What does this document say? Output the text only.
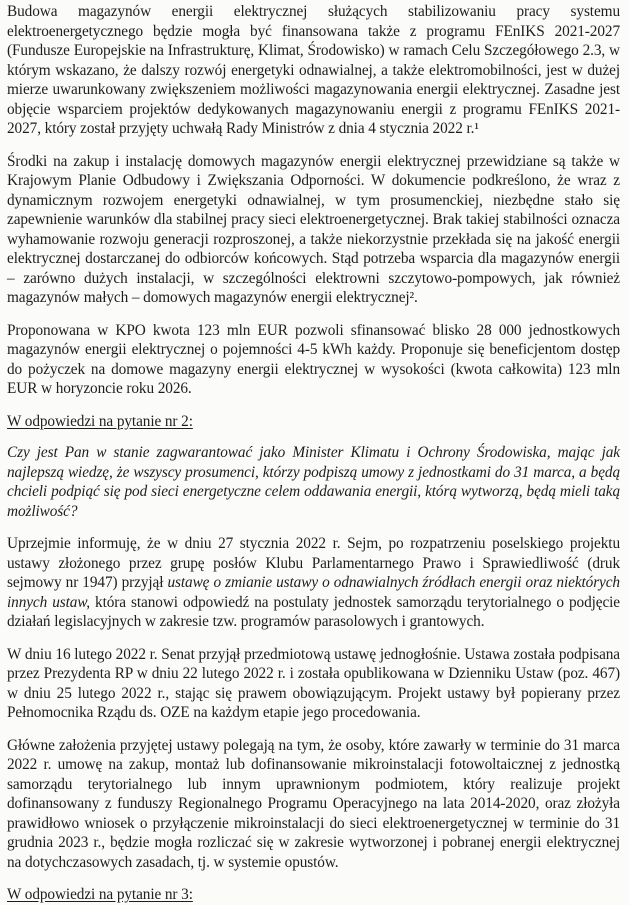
Budowa magazynów energii elektrycznej służących stabilizowaniu pracy systemu elektroenergetycznego będzie mogła być finansowana także z programu FEnIKS 2021-2027 (Fundusze Europejskie na Infrastrukturę, Klimat, Środowisko) w ramach Celu Szczegółowego 2.3, w którym wskazano, że dalszy rozwój energetyki odnawialnej, a także elektromobilności, jest w dużej mierze uwarunkowany zwiększeniem możliwości magazynowania energii elektrycznej. Zasadne jest objęcie wsparciem projektów dedykowanych magazynowaniu energii z programu FEnIKS 2021-2027, który został przyjęty uchwałą Rady Ministrów z dnia 4 stycznia 2022 r.¹

Środki na zakup i instalację domowych magazynów energii elektrycznej przewidziane są także w Krajowym Planie Odbudowy i Zwiększania Odporności. W dokumencie podkreślono, że wraz z dynamicznym rozwojem energetyki odnawialnej, w tym prosumenckiej, niezbędne stało się zapewnienie warunków dla stabilnej pracy sieci elektroenergetycznej. Brak takiej stabilności oznacza wyhamowanie rozwoju generacji rozproszonej, a także niekorzystnie przekłada się na jakość energii elektrycznej dostarczanej do odbiorców końcowych. Stąd potrzeba wsparcia dla magazynów energii – zarówno dużych instalacji, w szczególności elektrowni szczytowo-pompowych, jak również magazynów małych – domowych magazynów energii elektrycznej².

Proponowana w KPO kwota 123 mln EUR pozwoli sfinansować blisko 28 000 jednostkowych magazynów energii elektrycznej o pojemności 4-5 kWh każdy. Proponuje się beneficjentom dostęp do pożyczek na domowe magazyny energii elektrycznej w wysokości (kwota całkowita) 123 mln EUR w horyzoncie roku 2026.

W odpowiedzi na pytanie nr 2:

Czy jest Pan w stanie zagwarantować jako Minister Klimatu i Ochrony Środowiska, mając jak najlepszą wiedzę, że wszyscy prosumenci, którzy podpiszą umowy z jednostkami do 31 marca, a będą chcieli podpiąć się pod sieci energetyczne celem oddawania energii, którą wytworzą, będą mieli taką możliwość?

Uprzejmie informuję, że w dniu 27 stycznia 2022 r. Sejm, po rozpatrzeniu poselskiego projektu ustawy złożonego przez grupę posłów Klubu Parlamentarnego Prawo i Sprawiedliwość (druk sejmowy nr 1947) przyjął ustawę o zmianie ustawy o odnawialnych źródłach energii oraz niektórych innych ustaw, która stanowi odpowiedź na postulaty jednostek samorządu terytorialnego o podjęcie działań legislacyjnych w zakresie tzw. programów parasolowych i grantowych.

W dniu 16 lutego 2022 r. Senat przyjął przedmiotową ustawę jednogłośnie. Ustawa została podpisana przez Prezydenta RP w dniu 22 lutego 2022 r. i została opublikowana w Dzienniku Ustaw (poz. 467) w dniu 25 lutego 2022 r., stając się prawem obowiązującym. Projekt ustawy był popierany przez Pełnomocnika Rządu ds. OZE na każdym etapie jego procedowania.

Główne założenia przyjętej ustawy polegają na tym, że osoby, które zawarły w terminie do 31 marca 2022 r. umowę na zakup, montaż lub dofinansowanie mikroinstalacji fotowoltaicznej z jednostką samorządu terytorialnego lub innym uprawnionym podmiotem, który realizuje projekt dofinansowany z funduszy Regionalnego Programu Operacyjnego na lata 2014-2020, oraz złożyła prawidłowo wniosek o przyłączenie mikroinstalacji do sieci elektroenergetycznej w terminie do 31 grudnia 2023 r., będzie mogła rozliczać się w zakresie wytworzonej i pobranej energii elektrycznej na dotychczasowych zasadach, tj. w systemie opustów.

W odpowiedzi na pytanie nr 3:
